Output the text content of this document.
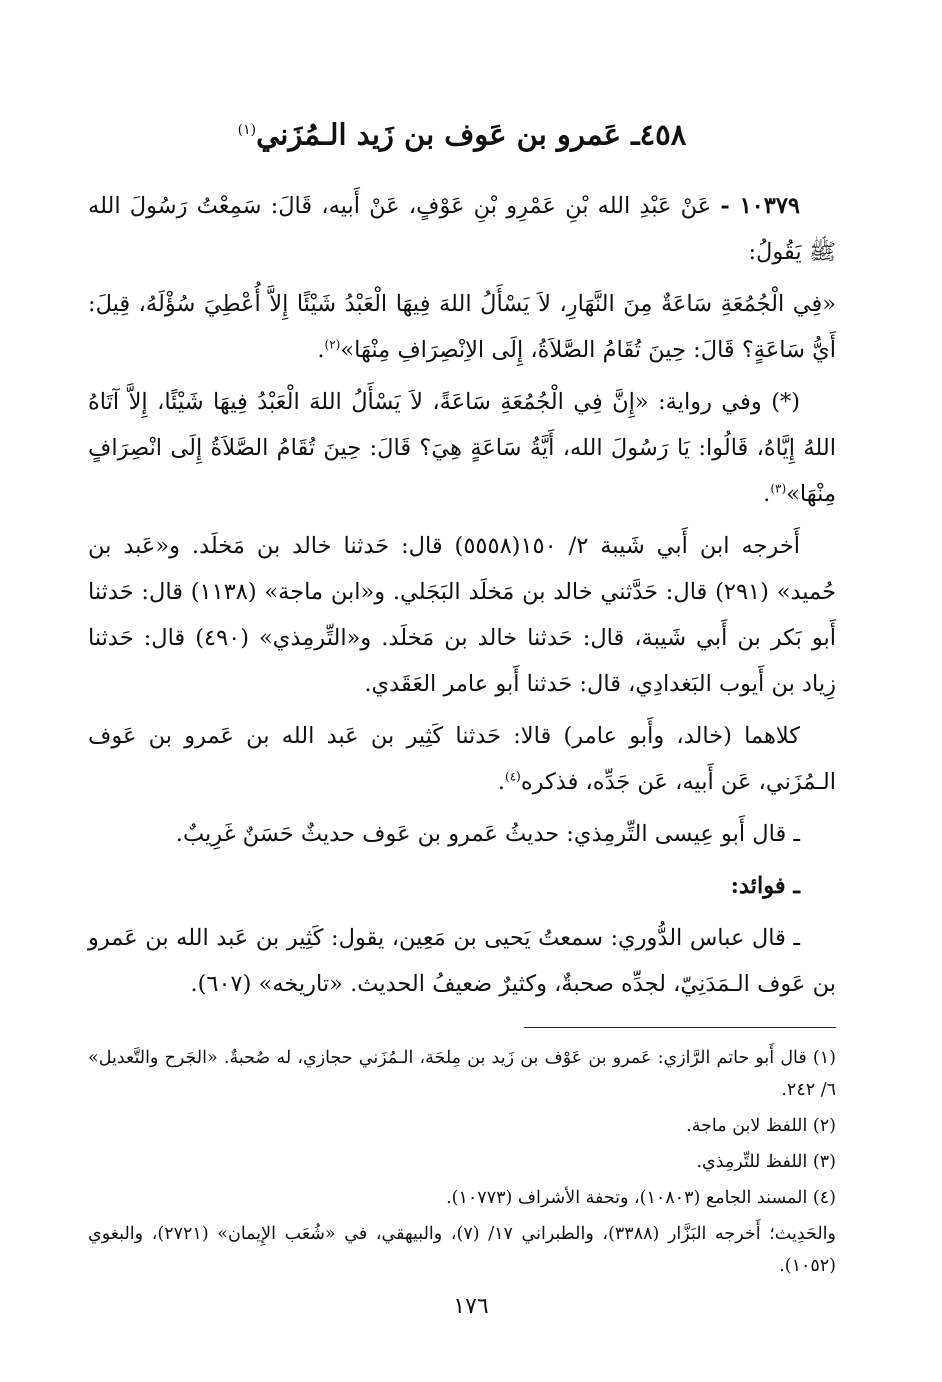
٤٥٨ـ عَمرو بن عَوف بن زَيد الـمُزَني$^{(١)}$

١٠٣٧٩ - عَنْ عَبْدِ الله بْنِ عَمْرِو بْنِ عَوْفٍ، عَنْ أَبيه، قَالَ: سَمِعْتُ رَسُولَ الله ﷺ يَقُولُ:

«فِي الْجُمُعَةِ سَاعَةٌ مِنَ النَّهَارِ، لاَ يَسْأَلُ اللهَ فِيهَا الْعَبْدُ شَيْئًا إِلاَّ أُعْطِيَ سُؤْلَهُ، قِيلَ: أَيُّ سَاعَةٍ؟ قَالَ: حِينَ تُقَامُ الصَّلاَةُ، إِلَى الاِنْصِرَافِ مِنْهَا»$^{(٢)}$.

(*) وفي رواية: «إِنَّ فِي الْجُمُعَةِ سَاعَةً، لاَ يَسْأَلُ اللهَ الْعَبْدُ فِيهَا شَيْئًا، إِلاَّ آتَاهُ اللهُ إِيَّاهُ، قَالُوا: يَا رَسُولَ الله، أَيَّةُ سَاعَةٍ هِيَ؟ قَالَ: حِينَ تُقَامُ الصَّلاَةُ إِلَى انْصِرَافٍ مِنْهَا»$^{(٣)}$.

أَخرجه ابن أَبي شَيبة ٢/ ١٥٠(٥٥٥٨) قال: حَدثنا خالد بن مَخلَد. و«عَبد بن حُميد» (٢٩١) قال: حَدَّثني خالد بن مَخلَد البَجَلي. و«ابن ماجة» (١١٣٨) قال: حَدثنا أَبو بَكر بن أَبي شَيبة، قال: حَدثنا خالد بن مَخلَد. و«التِّرمِذي» (٤٩٠) قال: حَدثنا زِياد بن أَيوب البَغدادِي، قال: حَدثنا أَبو عامر العَقَدي.

كلاهما (خالد، وأَبو عامر) قالا: حَدثنا كَثِير بن عَبد الله بن عَمرو بن عَوف الـمُزَني، عَن أَبيه، عَن جَدِّه، فذكره$^{(٤)}$.

ـ قال أَبو عِيسى التِّرمِذي: حديثُ عَمرو بن عَوف حديثٌ حَسَنٌ غَرِيبٌ.

ـ فوائد:

ـ قال عباس الدُّوري: سمعتُ يَحيى بن مَعِين، يقول: كَثِير بن عَبد الله بن عَمرو بن عَوف الـمَدَنِيّ، لجدِّه صحبةٌ، وكثيرٌ ضعيفُ الحديث. «تاريخه» (٦٠٧).

(١) قال أَبو حاتم الرَّازي: عَمرو بن عَوْف بن زَيد بن مِلحَة، الـمُزَني حجازي، له صُحبةٌ. «الجَرح والتَّعديل» ٦/ ٢٤٢.

(٢) اللفظ لابن ماجة.

(٣) اللفظ للتِّرمِذي.

(٤) المسند الجامع (١٠٨٠٣)، وتحفة الأشراف (١٠٧٧٣).

والحَدِيث؛ أَخرجه البَزَّار (٣٣٨٨)، والطبراني ١٧/ (٧)، والبيهقي، في «شُعَب الإِيمان» (٢٧٢١)، والبغوي (١٠٥٢).

١٧٦
